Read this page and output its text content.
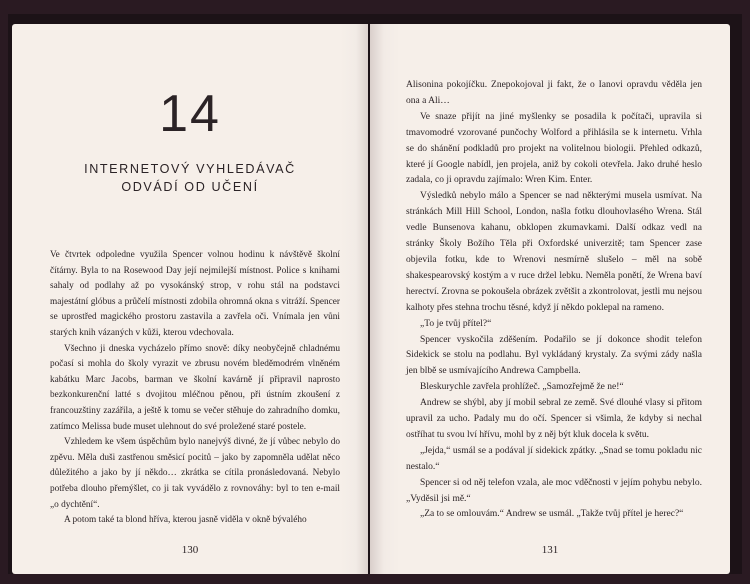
14
INTERNETOVÝ VYHLEDÁVAČ
ODVÁDÍ OD UČENÍ

Ve čtvrtek odpoledne využila Spencer volnou hodinu k návštěvě školní čítárny. Byla to na Rosewood Day její nejmilejší místnost. Police s knihami sahaly od podlahy až po vysokánský strop, v rohu stál na podstavci majestátní glóbus a průčelí místnosti zdobila ohromná okna s vitráží. Spencer se uprostřed magického prostoru zastavila a zavřela oči. Vnímala jen vůni starých knih vázaných v kůži, kterou vdechovala.

Všechno ji dneska vycházelo přímo snově: díky neobyčejně chladnému počasí si mohla do školy vyrazit ve zbrusu novém bleděmodrém vlněném kabátku Marc Jacobs, barman ve školní kavárně jí připravil naprosto bezkonkurenční latté s dvojitou mléčnou pěnou, při ústním zkoušení z francouzštiny zazářila, a ještě k tomu se večer stěhuje do zahradního domku, zatímco Melissa bude muset ulehnout do své proležené staré postele.

Vzhledem ke všem úspěchům bylo nanejvýš divné, že jí vůbec nebylo do zpěvu. Měla duši zastřenou směsicí pocitů – jako by zapomněla udělat něco důležitého a jako by jí někdo… zkrátka se cítila pronásledovaná. Nebylo potřeba dlouho přemýšlet, co ji tak vyvádělo z rovnováhy: byl to ten e-mail „o dychtění“.

A potom také ta blond hříva, kterou jasně viděla v okně bývalého

130

Alisonina pokojíčku. Znepokojoval ji fakt, že o Ianovi opravdu věděla jen ona a Ali…

Ve snaze přijít na jiné myšlenky se posadila k počítači, upravila si tmavomodré vzorované punčochy Wolford a přihlásila se k internetu. Vrhla se do shánění podkladů pro projekt na volitelnou biologii. Přehled odkazů, které jí Google nabídl, jen projela, aniž by cokoli otevřela. Jako druhé heslo zadala, co ji opravdu zajímalo: Wren Kim. Enter.

Výsledků nebylo málo a Spencer se nad některými musela usmívat. Na stránkách Mill Hill School, London, našla fotku dlouhovlasého Wrena. Stál vedle Bunsenova kahanu, obklopen zkumavkami. Další odkaz vedl na stránky Školy Božího Těla při Oxfordské univerzitě; tam Spencer zase objevila fotku, kde to Wrenovi nesmírně slušelo – měl na sobě shakespearovský kostým a v ruce držel lebku. Neměla ponětí, že Wrena baví herectví. Zrovna se pokoušela obrázek zvětšit a zkontrolovat, jestli mu nejsou kalhoty přes stehna trochu těsné, když jí někdo poklepal na rameno.

„To je tvůj přítel?“

Spencer vyskočila zděšením. Podařilo se jí dokonce shodit telefon Sidekick se stolu na podlahu. Byl vykládaný krystaly. Za svými zády našla jen blbě se usmívajícího Andrewa Campbella.

Bleskurychle zavřela prohlížeč. „Samozřejmě že ne!“

Andrew se shýbl, aby jí mobil sebral ze země. Své dlouhé vlasy si přitom upravil za ucho. Padaly mu do očí. Spencer si všimla, že kdyby si nechal ostříhat tu svou lví hřívu, mohl by z něj být kluk docela k světu.

„Jejda,“ usmál se a podával jí sidekick zpátky. „Snad se tomu pokladu nic nestalo.“

Spencer si od něj telefon vzala, ale moc vděčnosti v jejím pohybu nebylo. „Vyděsil jsi mě.“

„Za to se omlouvám.“ Andrew se usmál. „Takže tvůj přítel je herec?“

131
